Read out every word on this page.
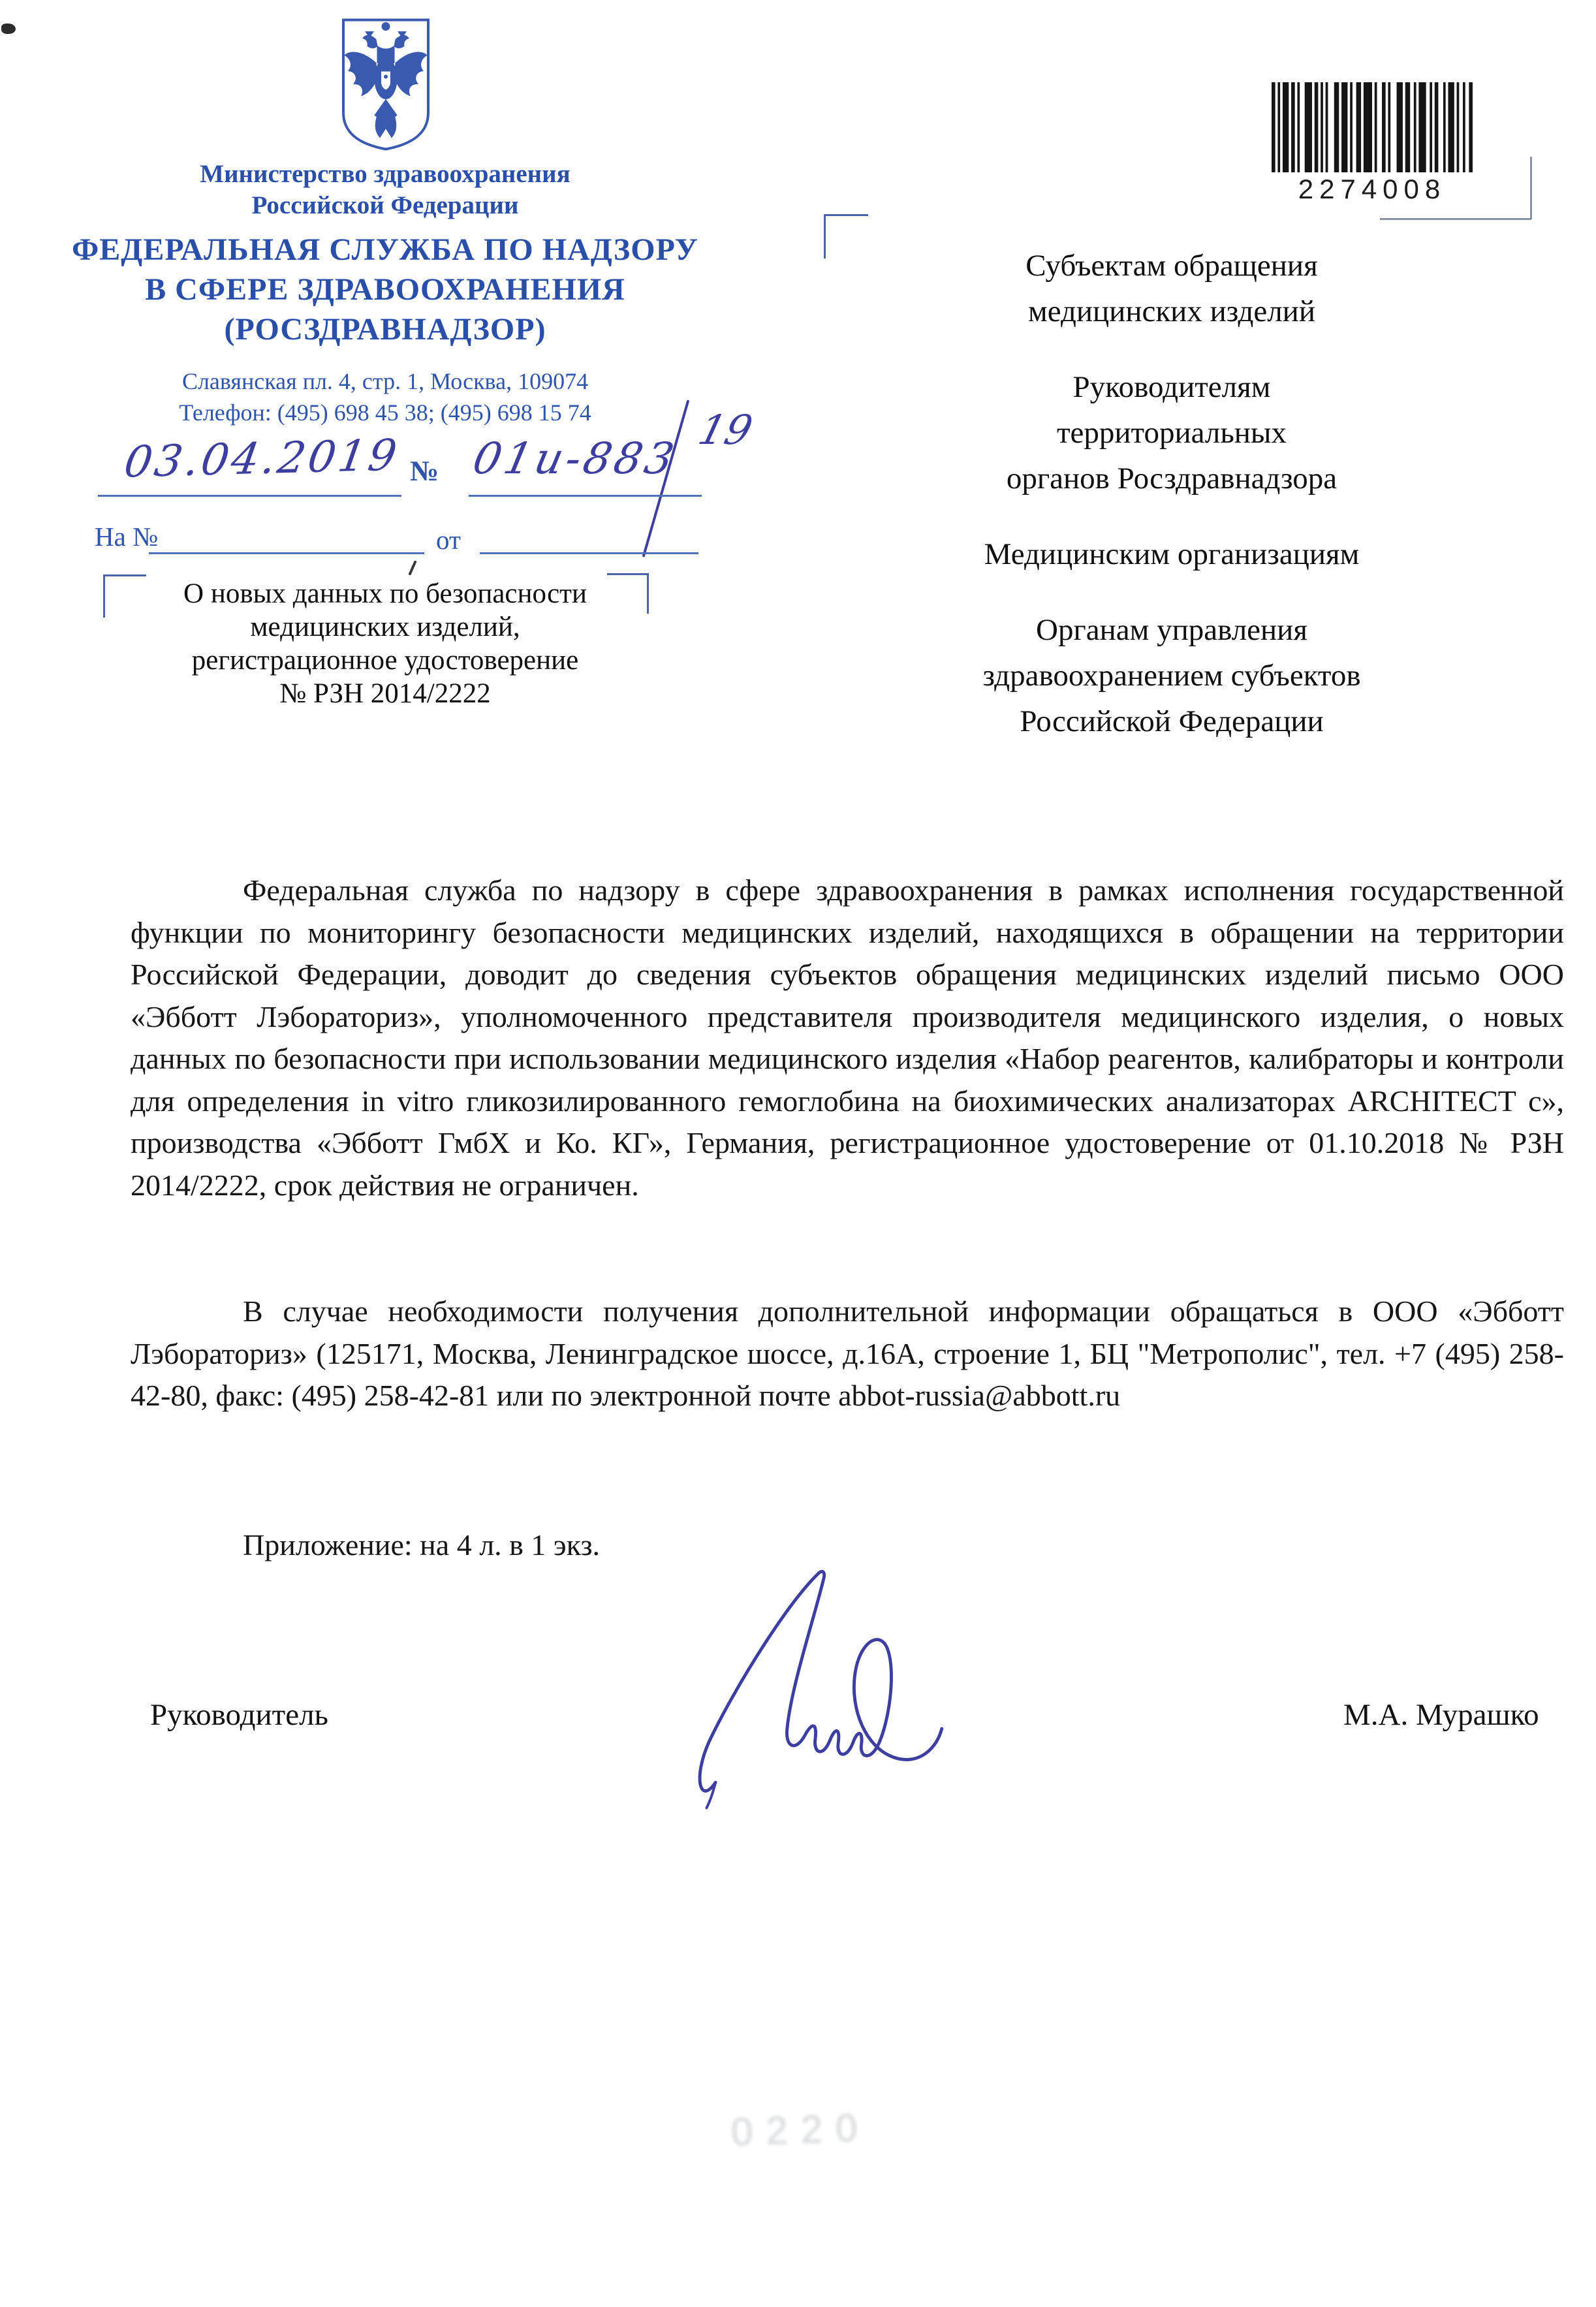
Министерство здравоохранения
Российской Федерации
ФЕДЕРАЛЬНАЯ СЛУЖБА ПО НАДЗОРУ
В СФЕРЕ ЗДРАВООХРАНЕНИЯ
(РОСЗДРАВНАДЗОР)
Славянская пл. 4, стр. 1, Москва, 109074
Телефон: (495) 698 45 38; (495) 698 15 74
2274008
03.04.2019 № 01и-883
19
На №	от
О новых данных по безопасности
медицинских изделий,
регистрационное удостоверение
№ РЗН 2014/2222
Субъектам обращения
медицинских изделий
Руководителям
территориальных
органов Росздравнадзора
Медицинским организациям
Органам управления
здравоохранением субъектов
Российской Федерации

Федеральная служба по надзору в сфере здравоохранения в рамках исполнения государственной функции по мониторингу безопасности медицинских изделий, находящихся в обращении на территории Российской Федерации, доводит до сведения субъектов обращения медицинских изделий письмо ООО «Эбботт Лэбораториз», уполномоченного представителя производителя медицинского изделия, о новых данных по безопасности при использовании медицинского изделия «Набор реагентов, калибраторы и контроли для определения in vitro гликозилированного гемоглобина на биохимических анализаторах ARCHITECT с», производства «Эбботт ГмбХ и Ко. КГ», Германия, регистрационное удостоверение от 01.10.2018 № РЗН 2014/2222, срок действия не ограничен.

В случае необходимости получения дополнительной информации обращаться в ООО «Эбботт Лэбораториз» (125171, Москва, Ленинградское шоссе, д.16А, строение 1, БЦ "Метрополис", тел. +7 (495) 258-42-80, факс: (495) 258-42-81 или по электронной почте abbot-russia@abbott.ru

Приложение: на 4 л. в 1 экз.
Руководитель	М.А. Мурашко
0220
